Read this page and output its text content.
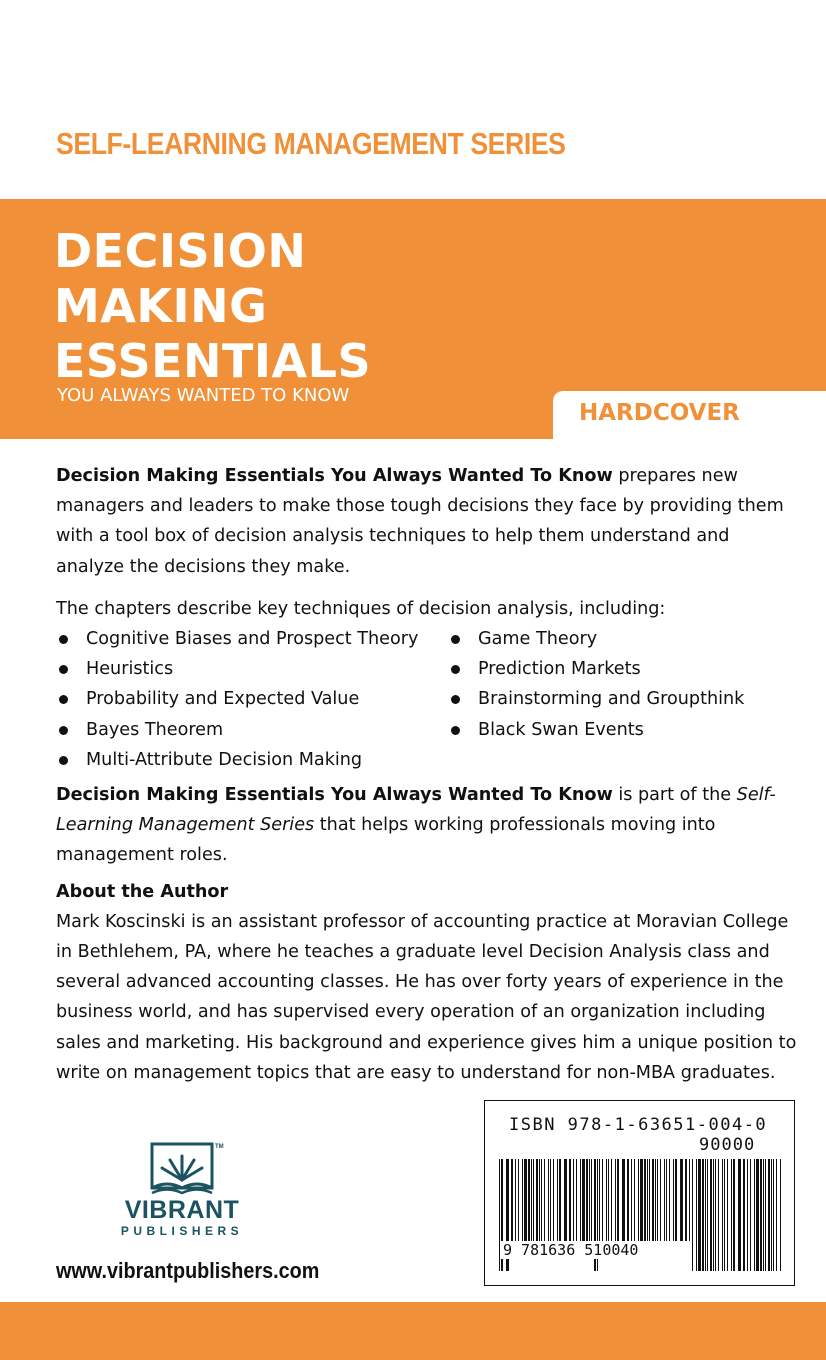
SELF-LEARNING MANAGEMENT SERIES
DECISION
MAKING
ESSENTIALS
YOU ALWAYS WANTED TO KNOW
HARDCOVER

Decision Making Essentials You Always Wanted To Know prepares new managers and leaders to make those tough decisions they face by providing them with a tool box of decision analysis techniques to help them understand and analyze the decisions they make.

The chapters describe key techniques of decision analysis, including:

Cognitive Biases and Prospect Theory
Heuristics
Probability and Expected Value
Bayes Theorem
Multi-Attribute Decision Making
Game Theory
Prediction Markets
Brainstorming and Groupthink
Black Swan Events

Decision Making Essentials You Always Wanted To Know is part of the Self-Learning Management Series that helps working professionals moving into management roles.

About the Author

Mark Koscinski is an assistant professor of accounting practice at Moravian College in Bethlehem, PA, where he teaches a graduate level Decision Analysis class and several advanced accounting classes. He has over forty years of experience in the business world, and has supervised every operation of an organization including sales and marketing. His background and experience gives him a unique position to write on management topics that are easy to understand for non-MBA graduates.

TM
VIBRANT
PUBLISHERS
www.vibrantpublishers.com
ISBN 978-1-63651-004-0
90000
9 781636 510040
